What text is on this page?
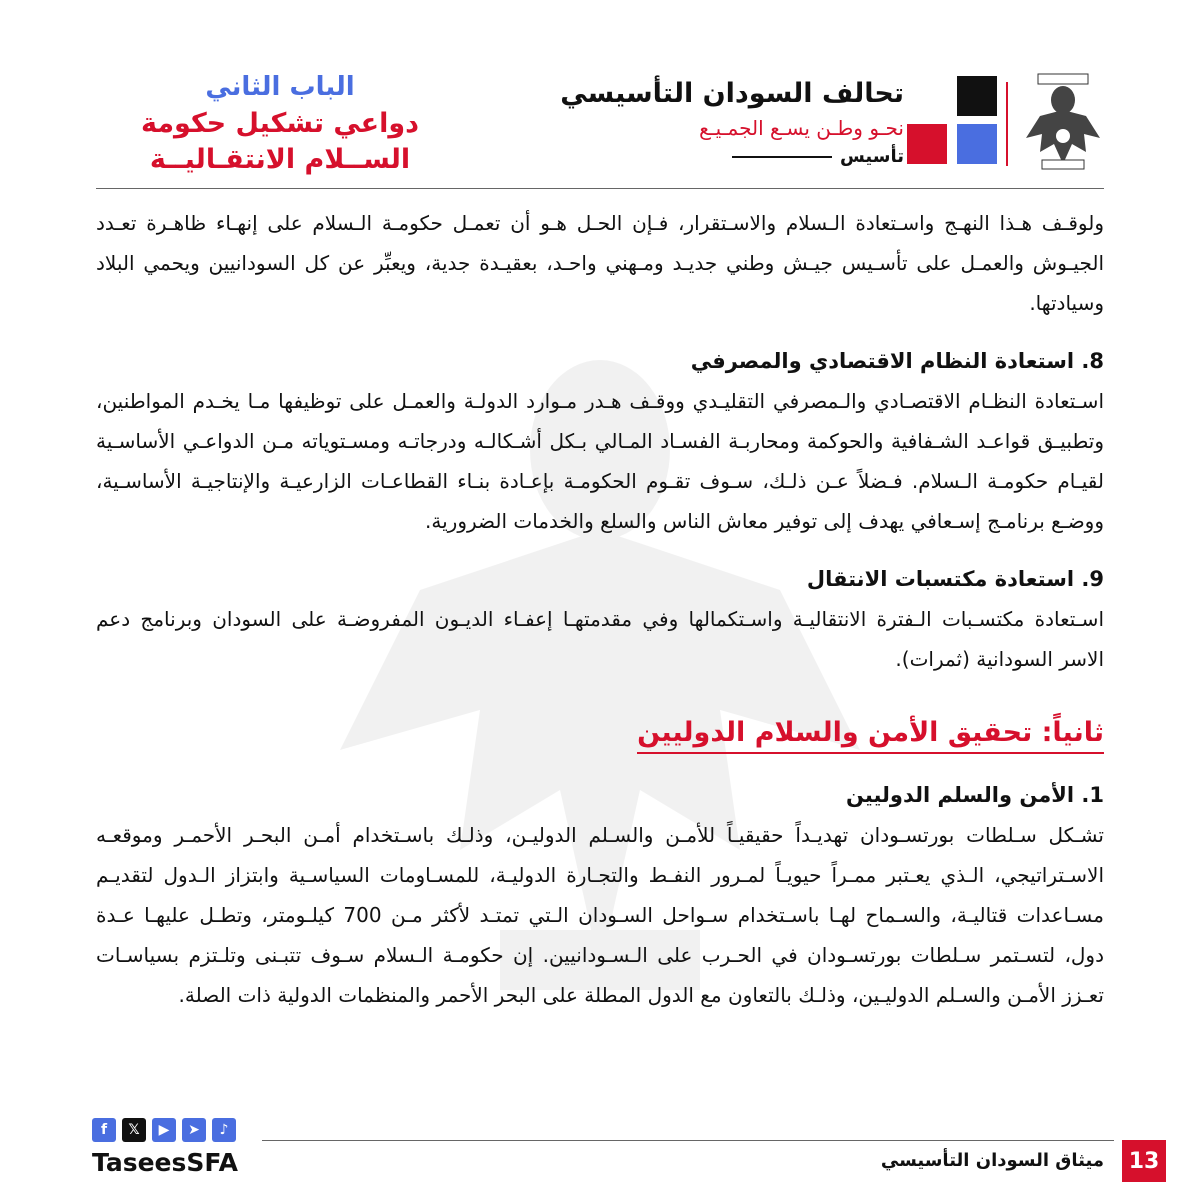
تحالف السودان التأسيسي
نحـو وطـن يسـع الجمـيـع
تأسيس
الباب الثاني
دواعي تشكيل حكومة
الســلام الانتقـاليــة

ولوقـف هـذا النهـج واسـتعادة الـسلام والاسـتقرار، فـإن الحـل هـو أن تعمـل حكومـة الـسلام على إنهـاء ظاهـرة تعـدد الجيـوش والعمـل على تأسـيس جيـش وطني جديـد ومـهني واحـد، بعقيـدة جدية، ويعبِّر عن كل السودانيين ويحمي البلاد وسيادتها.

8. استعادة النظام الاقتصادي والمصرفي

اسـتعادة النظـام الاقتصـادي والـمصرفي التقليـدي ووقـف هـدر مـوارد الدولـة والعمـل على توظيفها مـا يخـدم المواطنين، وتطبيـق قواعـد الشـفافية والحوكمة ومحاربـة الفسـاد المـالي بـكل أشـكالـه ودرجاتـه ومسـتوياته مـن الدواعـي الأساسـية لقيـام حكومـة الـسلام. فـضلاً عـن ذلـك، سـوف تقـوم الحكومـة بإعـادة بنـاء القطاعـات الزارعيـة والإنتاجيـة الأساسـية، ووضـع برنامـج إسـعافي يهدف إلى توفير معاش الناس والسلع والخدمات الضرورية.

9. استعادة مكتسبات الانتقال

اسـتعادة مكتسـبات الـفترة الانتقاليـة واسـتكمالها وفي مقدمتهـا إعفـاء الديـون المفروضـة على السودان وبرنامج دعم الاسر السودانية (ثمرات).

ثانياً: تحقيق الأمن والسلام الدوليين

1. الأمن والسلم الدوليين

تشـكل سـلطات بورتسـودان تهديـداً حقيقيـاً للأمـن والسـلم الدوليـن، وذلـك باسـتخدام أمـن البحـر الأحمـر وموقعـه الاسـتراتيجي، الـذي يعـتبر ممـراً حيويـاً لمـرور النفـط والتجـارة الدوليـة، للمسـاومات السياسـية وابتزاز الـدول لتقديـم مسـاعدات قتاليـة، والسـماح لهـا باسـتخدام سـواحل السـودان الـتي تمتـد لأكثر مـن 700 كيلـومتر، وتطـل عليهـا عـدة دول، لتسـتمر سـلطات بورتسـودان في الحـرب على الـسـودانيين. إن حكومـة الـسلام سـوف تتبـنى وتلـتزم بسياسـات تعـزز الأمـن والسـلم الدوليـين، وذلـك بالتعاون مع الدول المطلة على البحر الأحمر والمنظمات الدولية ذات الصلة.

f	𝕏	▶	➤	♪
TaseesSFA	ميثاق السودان التأسيسي	13
